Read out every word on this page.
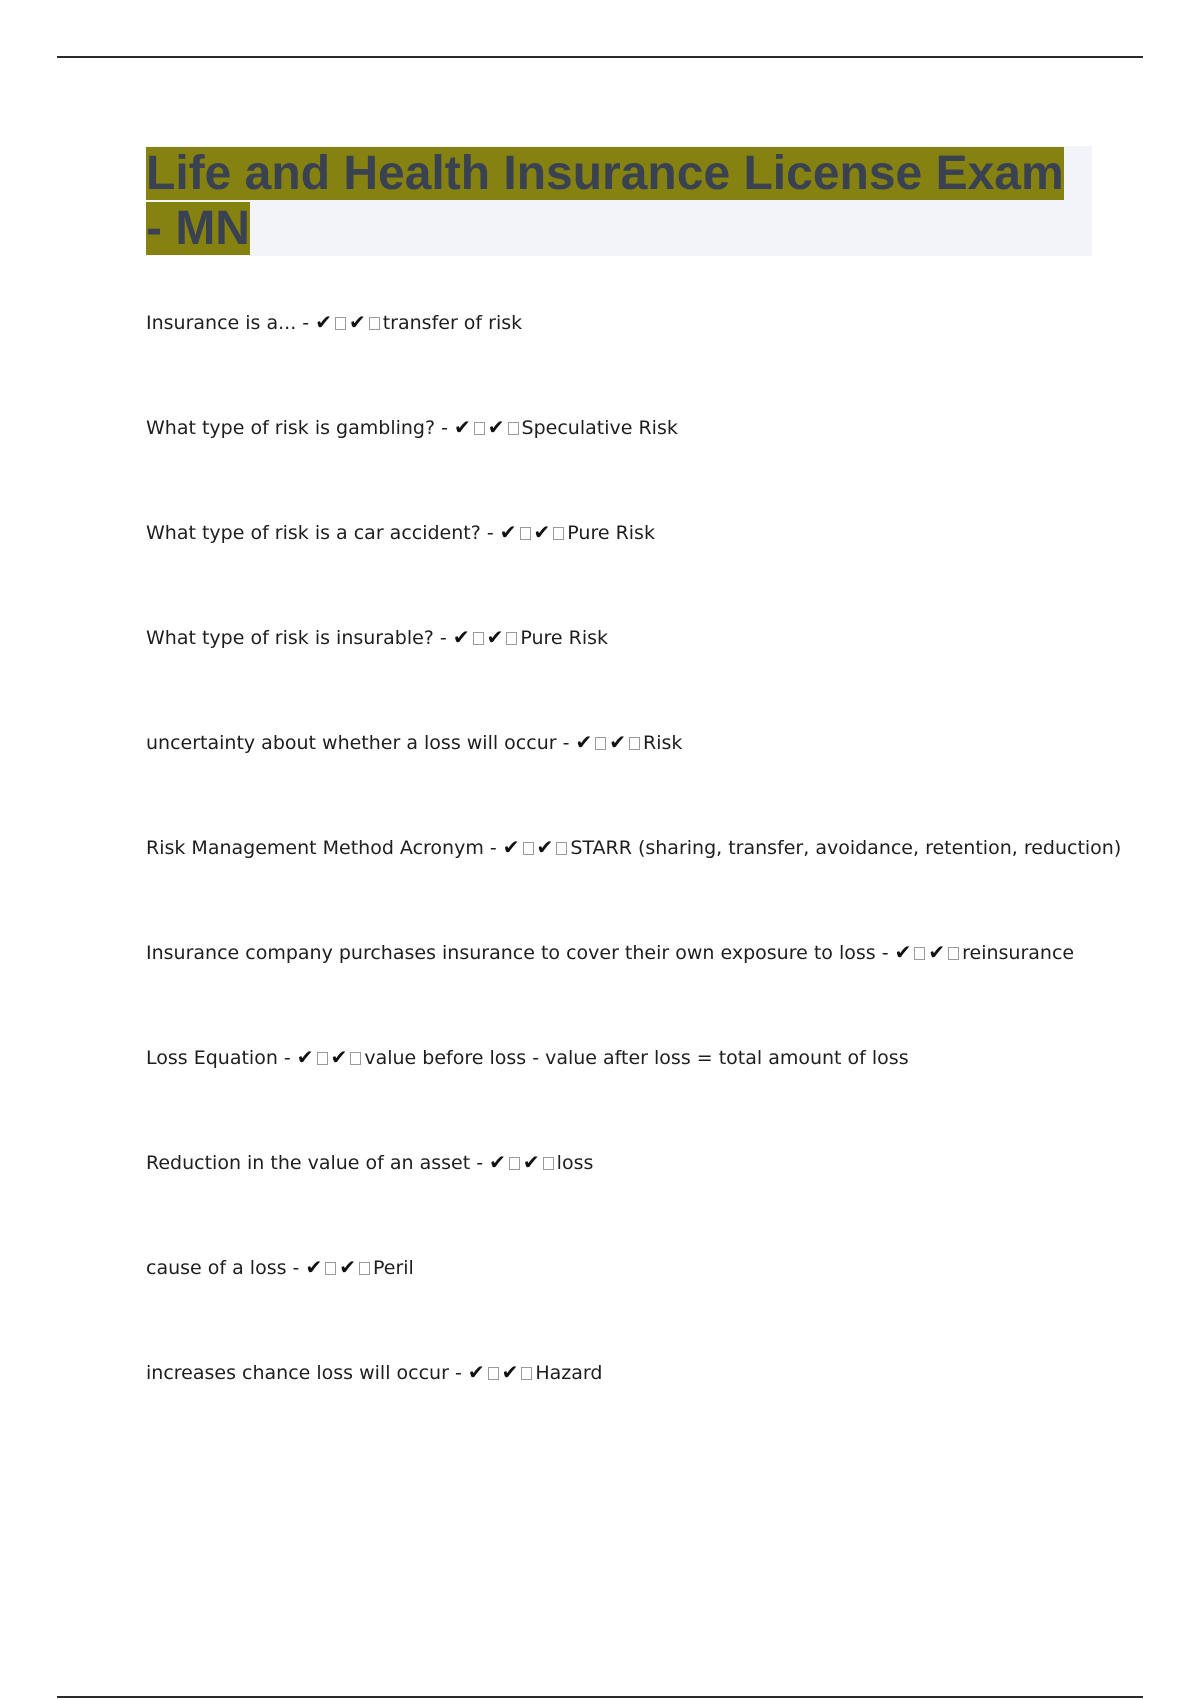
Life and Health Insurance License Exam - MN
Insurance is a... - ✔ ✔ transfer of risk
What type of risk is gambling? - ✔ ✔ Speculative Risk
What type of risk is a car accident? - ✔ ✔ Pure Risk
What type of risk is insurable? - ✔ ✔ Pure Risk
uncertainty about whether a loss will occur - ✔ ✔ Risk
Risk Management Method Acronym - ✔ ✔ STARR (sharing, transfer, avoidance, retention, reduction)
Insurance company purchases insurance to cover their own exposure to loss - ✔ ✔ reinsurance
Loss Equation - ✔ ✔ value before loss - value after loss = total amount of loss
Reduction in the value of an asset - ✔ ✔ loss
cause of a loss - ✔ ✔ Peril
increases chance loss will occur - ✔ ✔ Hazard
